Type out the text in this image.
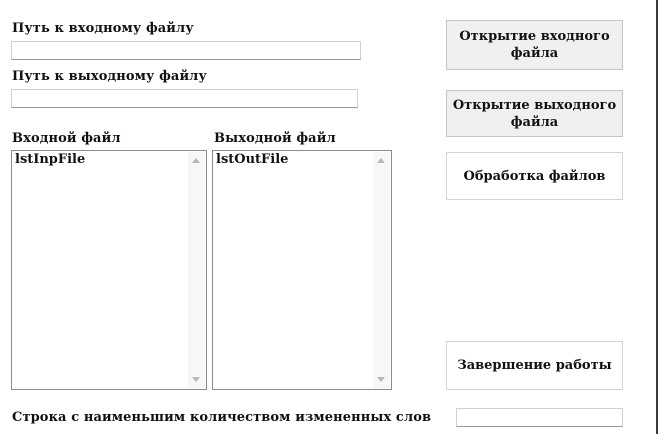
Путь к входному файлу
Путь к выходному файлу
Входной файл	Выходной файл
lstInpFile	lstOutFile
Открытие входного файла
Открытие выходного файла
Обработка файлов
Завершение работы
Строка с наименьшим количеством измененных слов
